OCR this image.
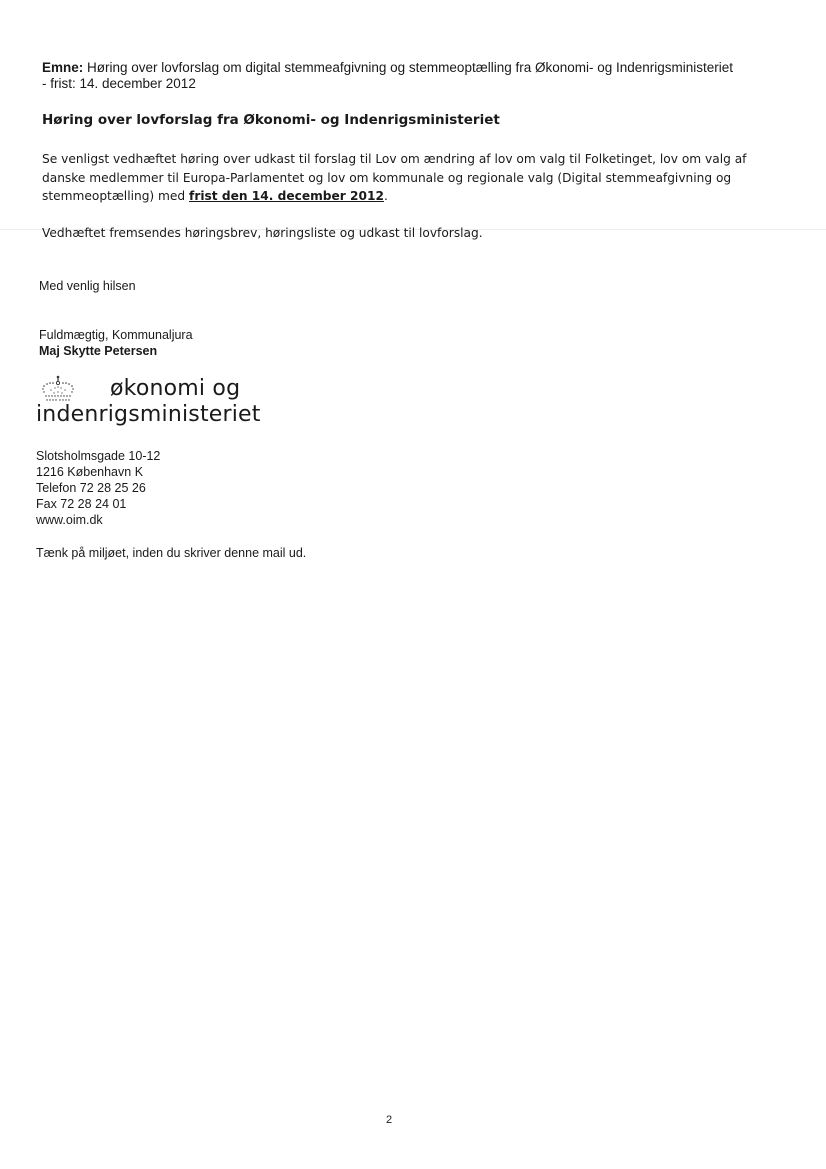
Emne: Høring over lovforslag om digital stemmeafgivning og stemmeoptælling fra Økonomi- og Indenrigsministeriet
- frist: 14. december 2012
Høring over lovforslag fra Økonomi- og Indenrigsministeriet
Se venligst vedhæftet høring over udkast til forslag til Lov om ændring af lov om valg til Folketinget, lov om valg af danske medlemmer til Europa-Parlamentet og lov om kommunale og regionale valg (Digital stemmeafgivning og stemmeoptælling) med frist den 14. december 2012.
Vedhæftet fremsendes høringsbrev, høringsliste og udkast til lovforslag.
Med venlig hilsen
Fuldmægtig, Kommunaljura
Maj Skytte Petersen
økonomi og
indenrigsministeriet
Slotsholmsgade 10-12
1216 København K
Telefon 72 28 25 26
Fax 72 28 24 01
www.oim.dk
Tænk på miljøet, inden du skriver denne mail ud.
2
